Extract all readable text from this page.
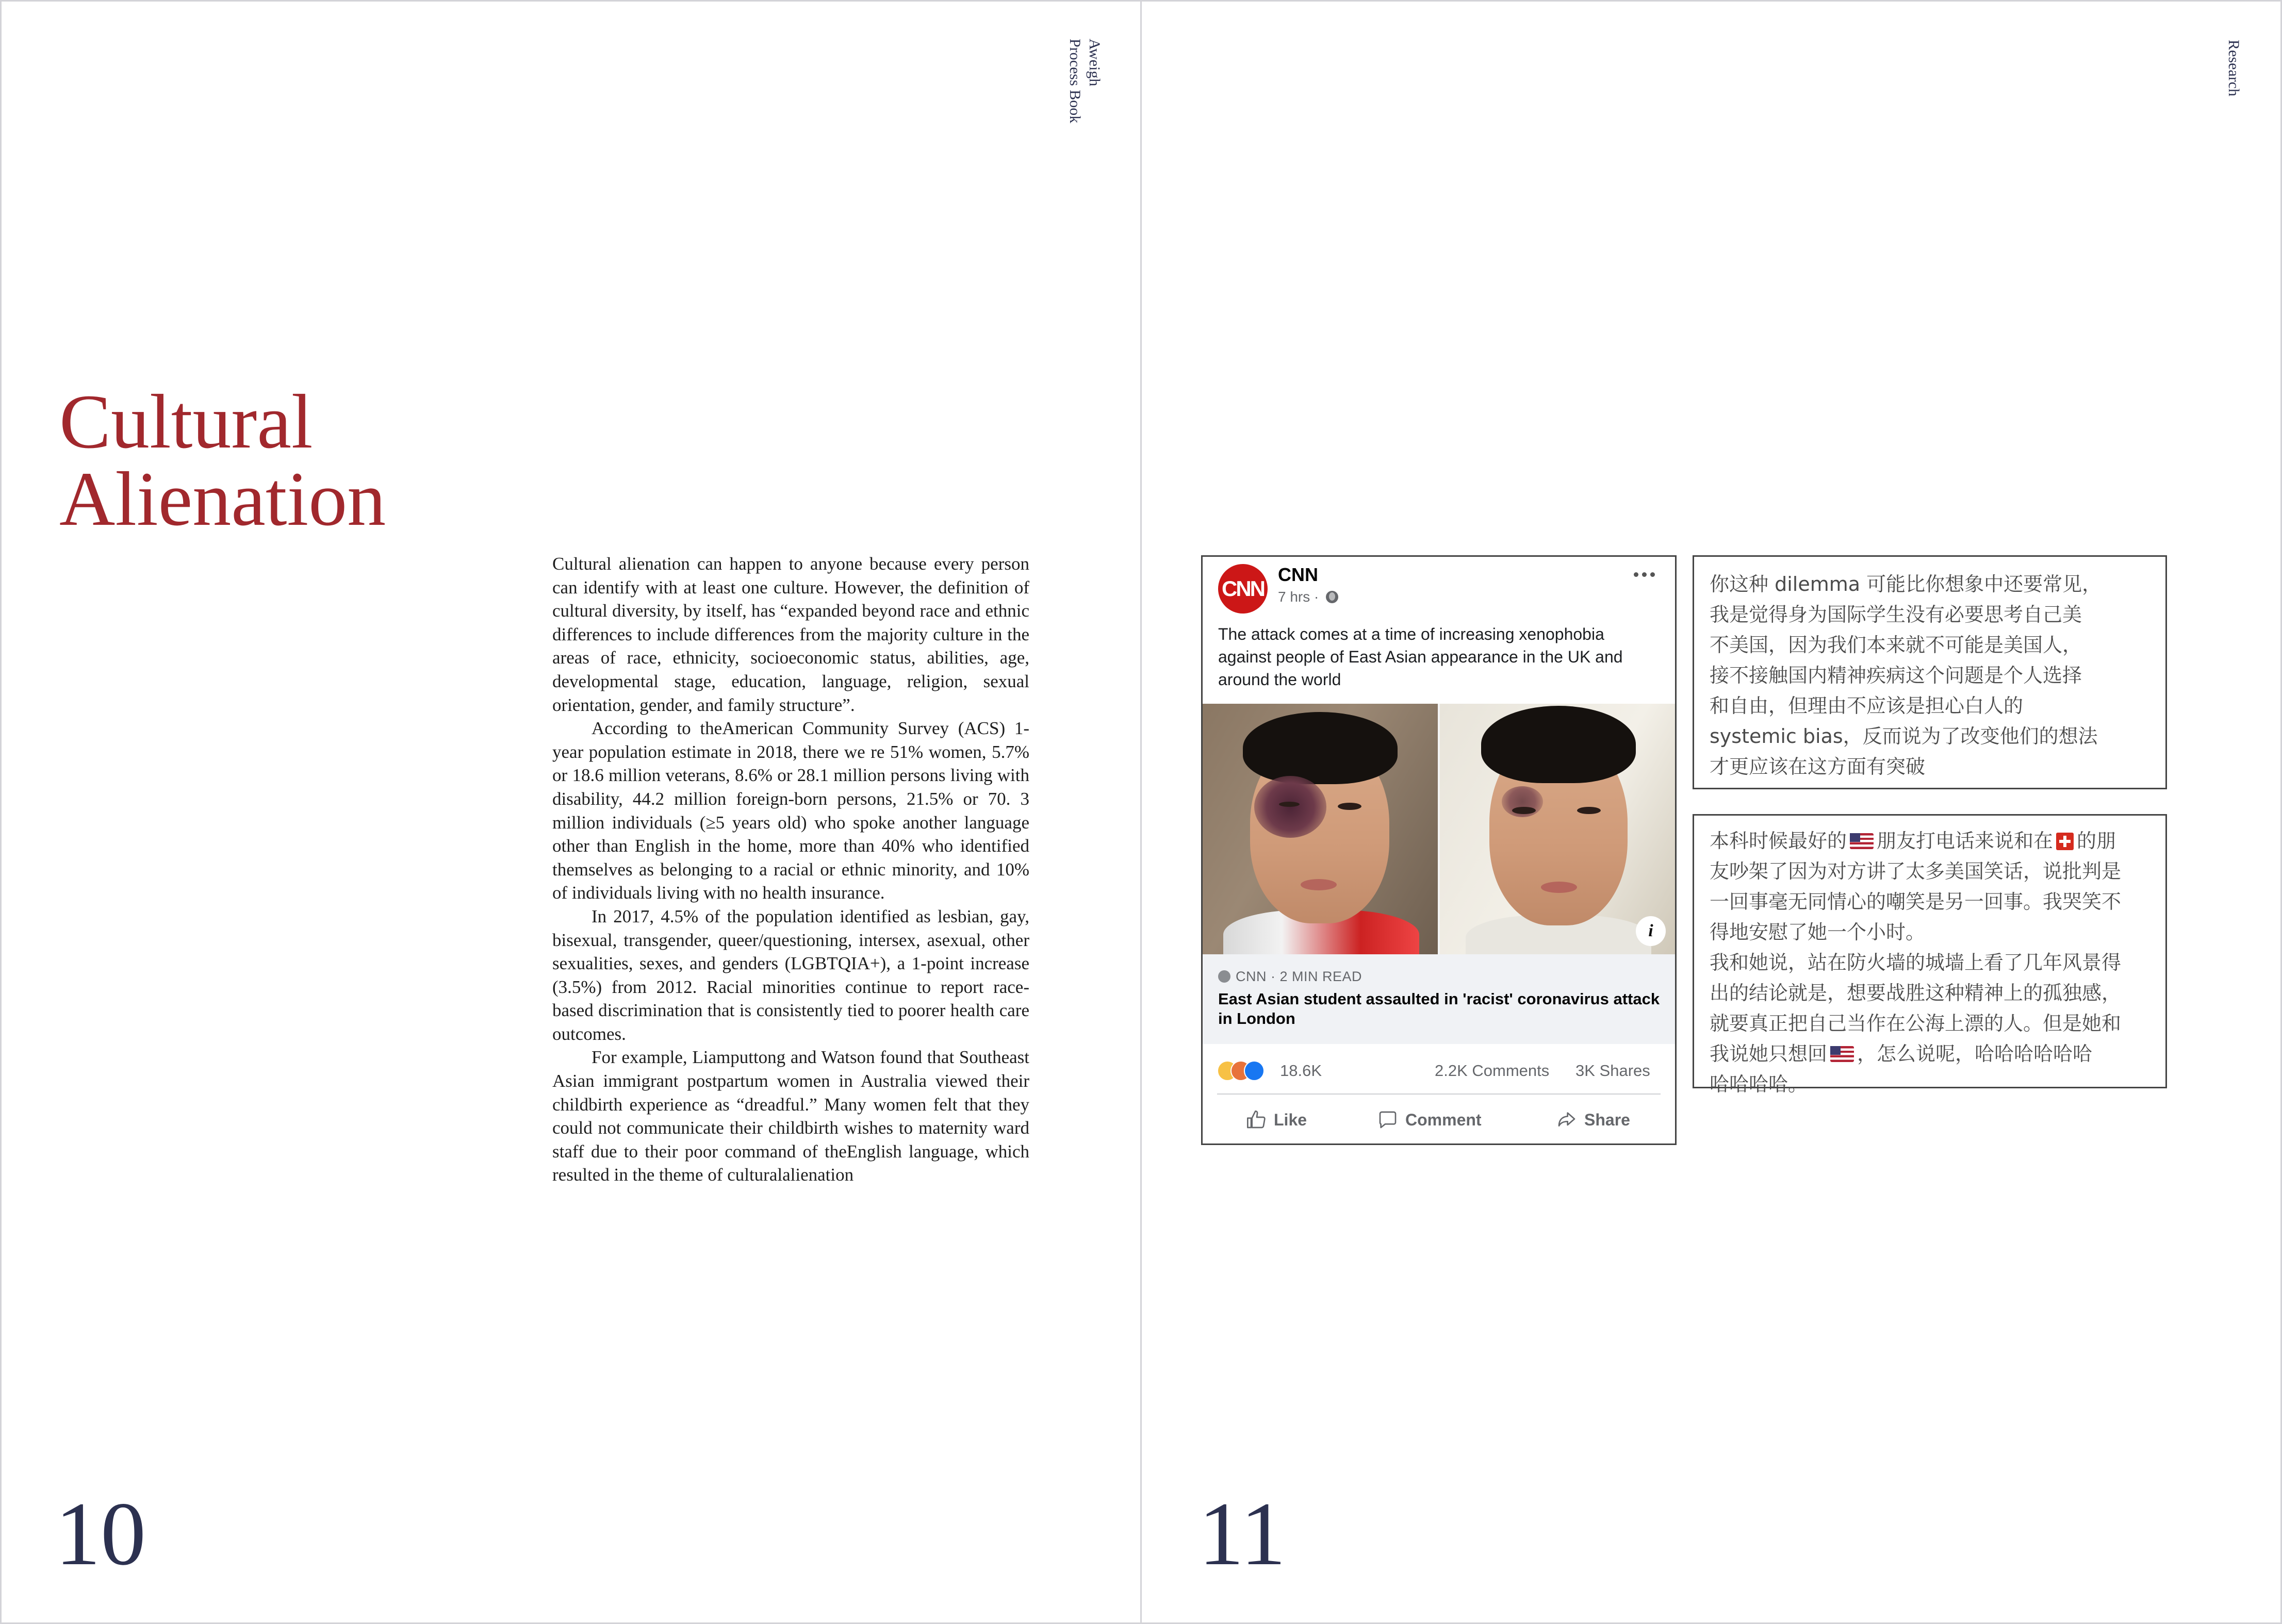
Aweigh
Process Book
Cultural
Alienation

Cultural alienation can happen to anyone because every person can identify with at least one culture. However, the definition of cultural diversity, by itself, has “expanded beyond race and ethnic differences to include differences from the majority culture in the areas of race, ethnicity, socioeconomic status, abilities, age, developmental stage, education, language, religion, sexual orientation, gender, and family structure”.

According to theAmerican Community Survey (ACS) 1-year population estimate in 2018, there we re 51% women, 5.7% or 18.6 million veterans, 8.6% or 28.1 million persons living with disability, 44.2 million foreign-born persons, 21.5% or 70. 3 million individuals (≥5 years old) who spoke another language other than English in the home, more than 40% who identified themselves as belonging to a racial or ethnic minority, and 10% of individuals living with no health insurance.

In 2017, 4.5% of the population identified as lesbian, gay, bisexual, transgender, queer/questioning, intersex, asexual, other sexualities, sexes, and genders (LGBTQIA+), a 1-point increase (3.5%) from 2012. Racial minorities continue to report race-based discrimination that is consistently tied to poorer health care outcomes.

For example, Liamputtong and Watson found that Southeast Asian immigrant postpartum women in Australia viewed their childbirth experience as “dreadful.” Many women felt that they could not communicate their childbirth wishes to maternity ward staff due to their poor command of theEnglish language, which resulted in the theme of culturalalienation

10
Research
CNN
CNN
7 hrs ·
The attack comes at a time of increasing xenophobia against people of East Asian appearance in the UK and around the world
i
CNN · 2 MIN READ
East Asian student assaulted in 'racist' coronavirus attack in London
18.6K	2.2K Comments 3K Shares
Like	Comment	Share
你这种 dilemma 可能比你想象中还要常见，
我是觉得身为国际学生没有必要思考自己美
不美国，因为我们本来就不可能是美国人，
接不接触国内精神疾病这个问题是个人选择
和自由，但理由不应该是担心白人的
systemic bias，反而说为了改变他们的想法
才更应该在这方面有突破
本科时候最好的 朋友打电话来说和在 的朋
友吵架了因为对方讲了太多美国笑话，说批判是
一回事毫无同情心的嘲笑是另一回事。我哭笑不
得地安慰了她一个小时。
我和她说，站在防火墙的城墙上看了几年风景得
出的结论就是，想要战胜这种精神上的孤独感，
就要真正把自己当作在公海上漂的人。但是她和
我说她只想回 ，怎么说呢，哈哈哈哈哈哈
哈哈哈哈。
11
